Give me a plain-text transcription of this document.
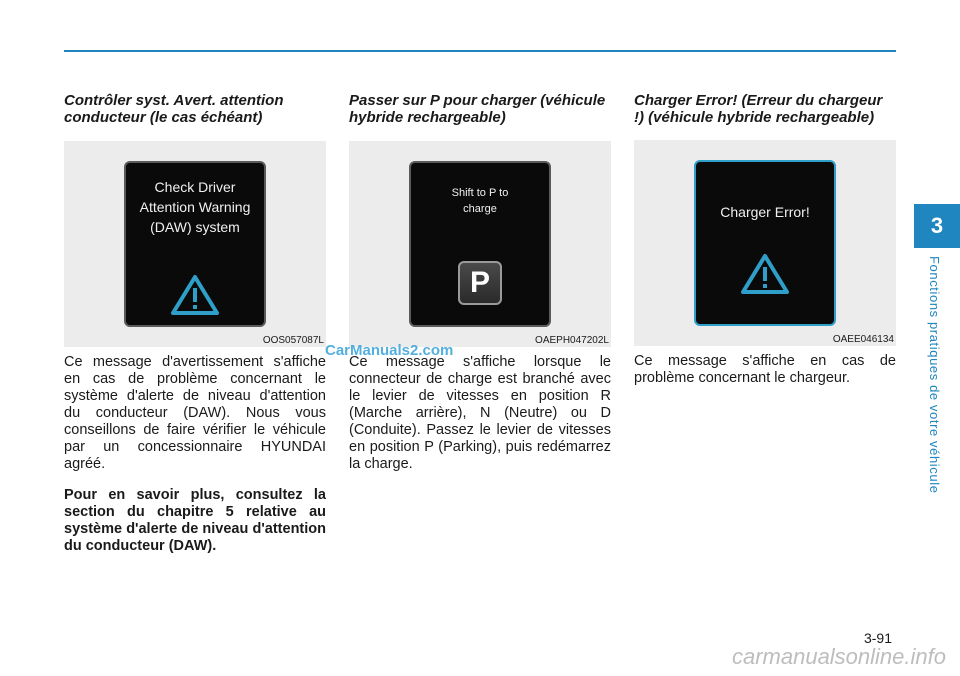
3
Fonctions pratiques de votre véhicule
Contrôler syst. Avert. attention conducteur (le cas échéant)
Check Driver
Attention Warning
(DAW) system
OOS057087L
Ce message d'avertissement s'affiche en cas de problème concernant le système d'alerte de niveau d'attention du conducteur (DAW). Nous vous conseillons de faire vérifier le véhicule par un concessionnaire HYUNDAI agréé.
Pour en savoir plus, consultez la section du chapitre 5 relative au système d'alerte de niveau d'attention du conducteur (DAW).
Passer sur P pour charger (véhicule hybride rechargeable)
Shift to P to
charge
P
OAEPH047202L
Ce message s'affiche lorsque le connecteur de charge est branché avec le levier de vitesses en position R (Marche arrière), N (Neutre) ou D (Conduite). Passez le levier de vitesses en position P (Parking), puis redémarrez la charge.
Charger Error! (Erreur du chargeur !) (véhicule hybride rechargeable)
Charger Error!
OAEE046134
Ce message s'affiche en cas de problème concernant le chargeur.
CarManuals2.com
3-91
carmanualsonline.info
